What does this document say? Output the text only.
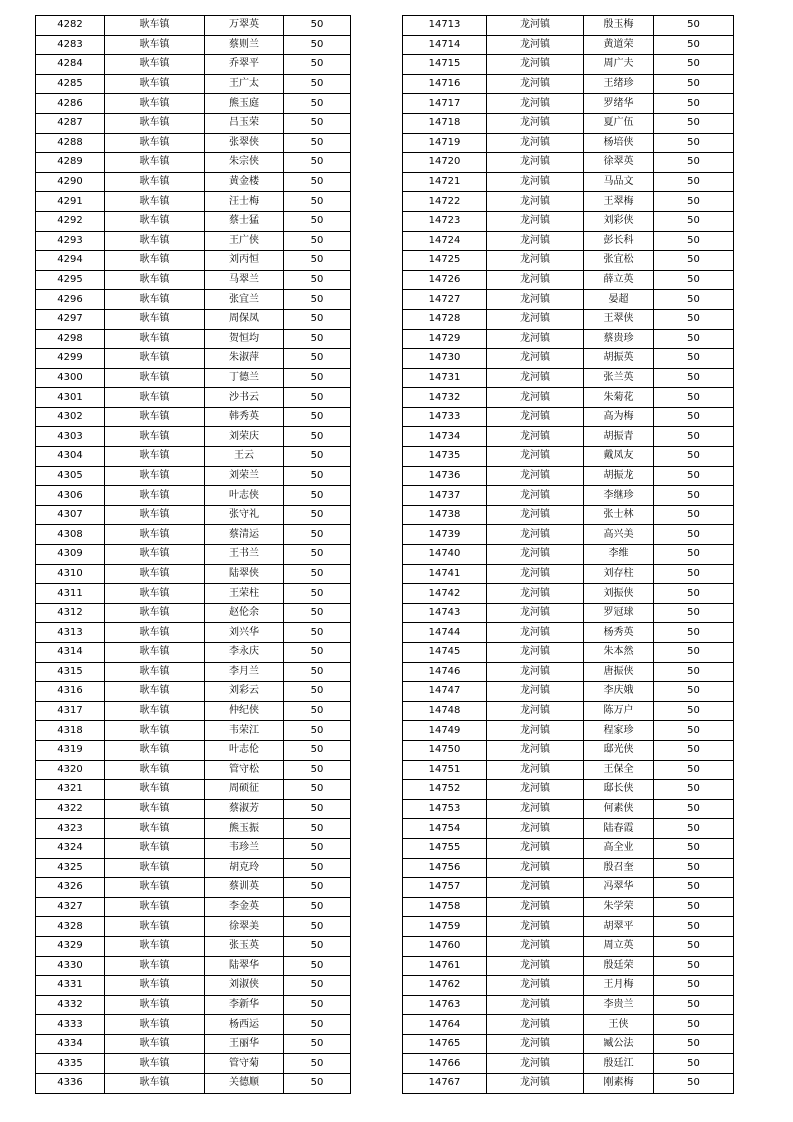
4282	耿车镇	万翠英	50
4283	耿车镇	蔡则兰	50
4284	耿车镇	乔翠平	50
4285	耿车镇	王广太	50
4286	耿车镇	熊玉庭	50
4287	耿车镇	吕玉荣	50
4288	耿车镇	张翠侠	50
4289	耿车镇	朱宗侠	50
4290	耿车镇	黄金楼	50
4291	耿车镇	汪士梅	50
4292	耿车镇	蔡士猛	50
4293	耿车镇	王广侠	50
4294	耿车镇	刘丙恒	50
4295	耿车镇	马翠兰	50
4296	耿车镇	张宜兰	50
4297	耿车镇	周保凤	50
4298	耿车镇	贺恒均	50
4299	耿车镇	朱淑萍	50
4300	耿车镇	丁德兰	50
4301	耿车镇	沙书云	50
4302	耿车镇	韩秀英	50
4303	耿车镇	刘荣庆	50
4304	耿车镇	王云	50
4305	耿车镇	刘荣兰	50
4306	耿车镇	叶志侠	50
4307	耿车镇	张守礼	50
4308	耿车镇	蔡清运	50
4309	耿车镇	王书兰	50
4310	耿车镇	陆翠侠	50
4311	耿车镇	王荣柱	50
4312	耿车镇	赵伦余	50
4313	耿车镇	刘兴华	50
4314	耿车镇	李永庆	50
4315	耿车镇	李月兰	50
4316	耿车镇	刘彩云	50
4317	耿车镇	仲纪侠	50
4318	耿车镇	韦荣江	50
4319	耿车镇	叶志伦	50
4320	耿车镇	管守松	50
4321	耿车镇	周硕征	50
4322	耿车镇	蔡淑芳	50
4323	耿车镇	熊玉振	50
4324	耿车镇	韦珍兰	50
4325	耿车镇	胡克玲	50
4326	耿车镇	蔡训英	50
4327	耿车镇	李金英	50
4328	耿车镇	徐翠美	50
4329	耿车镇	张玉英	50
4330	耿车镇	陆翠华	50
4331	耿车镇	刘淑侠	50
4332	耿车镇	李新华	50
4333	耿车镇	杨西运	50
4334	耿车镇	王丽华	50
4335	耿车镇	管守菊	50
4336	耿车镇	关德顺	50
14713	龙河镇	殷玉梅	50
14714	龙河镇	黄道荣	50
14715	龙河镇	周广夫	50
14716	龙河镇	王绪珍	50
14717	龙河镇	罗绪华	50
14718	龙河镇	夏广伍	50
14719	龙河镇	杨培侠	50
14720	龙河镇	徐翠英	50
14721	龙河镇	马品文	50
14722	龙河镇	王翠梅	50
14723	龙河镇	刘彩侠	50
14724	龙河镇	彭长科	50
14725	龙河镇	张宜松	50
14726	龙河镇	薛立英	50
14727	龙河镇	晏超	50
14728	龙河镇	王翠侠	50
14729	龙河镇	蔡贵珍	50
14730	龙河镇	胡振英	50
14731	龙河镇	张兰英	50
14732	龙河镇	朱菊花	50
14733	龙河镇	高为梅	50
14734	龙河镇	胡振青	50
14735	龙河镇	戴凤友	50
14736	龙河镇	胡振龙	50
14737	龙河镇	李继珍	50
14738	龙河镇	张士林	50
14739	龙河镇	高兴美	50
14740	龙河镇	李维	50
14741	龙河镇	刘存柱	50
14742	龙河镇	刘振侠	50
14743	龙河镇	罗冠球	50
14744	龙河镇	杨秀英	50
14745	龙河镇	朱本然	50
14746	龙河镇	唐振侠	50
14747	龙河镇	李庆娥	50
14748	龙河镇	陈万户	50
14749	龙河镇	程家珍	50
14750	龙河镇	邸光侠	50
14751	龙河镇	王保全	50
14752	龙河镇	邸长侠	50
14753	龙河镇	何素侠	50
14754	龙河镇	陆春霞	50
14755	龙河镇	高全业	50
14756	龙河镇	殷召奎	50
14757	龙河镇	冯翠华	50
14758	龙河镇	朱学荣	50
14759	龙河镇	胡翠平	50
14760	龙河镇	周立英	50
14761	龙河镇	殷廷荣	50
14762	龙河镇	王月梅	50
14763	龙河镇	李贵兰	50
14764	龙河镇	王侠	50
14765	龙河镇	臧公法	50
14766	龙河镇	殷廷江	50
14767	龙河镇	刚素梅	50
